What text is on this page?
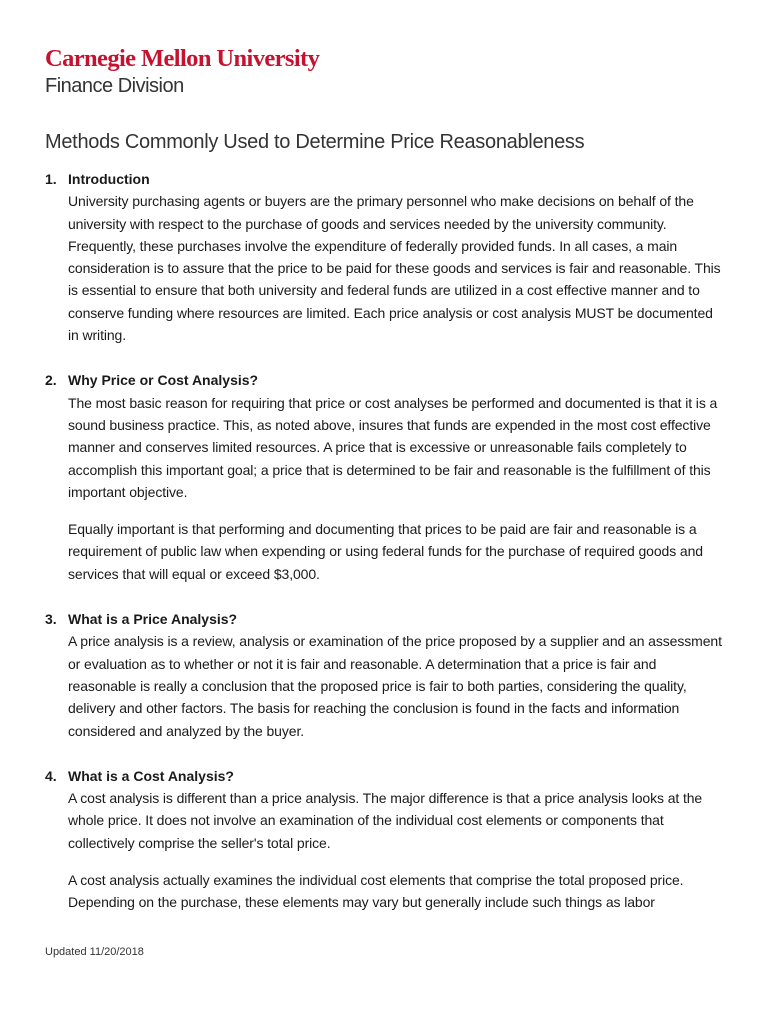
Carnegie Mellon University
Finance Division
Methods Commonly Used to Determine Price Reasonableness
1. Introduction

University purchasing agents or buyers are the primary personnel who make decisions on behalf of the university with respect to the purchase of goods and services needed by the university community. Frequently, these purchases involve the expenditure of federally provided funds. In all cases, a main consideration is to assure that the price to be paid for these goods and services is fair and reasonable. This is essential to ensure that both university and federal funds are utilized in a cost effective manner and to conserve funding where resources are limited. Each price analysis or cost analysis MUST be documented in writing.

2. Why Price or Cost Analysis?

The most basic reason for requiring that price or cost analyses be performed and documented is that it is a sound business practice. This, as noted above, insures that funds are expended in the most cost effective manner and conserves limited resources. A price that is excessive or unreasonable fails completely to accomplish this important goal; a price that is determined to be fair and reasonable is the fulfillment of this important objective.

Equally important is that performing and documenting that prices to be paid are fair and reasonable is a requirement of public law when expending or using federal funds for the purchase of required goods and services that will equal or exceed $3,000.

3. What is a Price Analysis?

A price analysis is a review, analysis or examination of the price proposed by a supplier and an assessment or evaluation as to whether or not it is fair and reasonable. A determination that a price is fair and reasonable is really a conclusion that the proposed price is fair to both parties, considering the quality, delivery and other factors. The basis for reaching the conclusion is found in the facts and information considered and analyzed by the buyer.

4. What is a Cost Analysis?

A cost analysis is different than a price analysis. The major difference is that a price analysis looks at the whole price. It does not involve an examination of the individual cost elements or components that collectively comprise the seller's total price.

A cost analysis actually examines the individual cost elements that comprise the total proposed price. Depending on the purchase, these elements may vary but generally include such things as labor

Updated 11/20/2018
